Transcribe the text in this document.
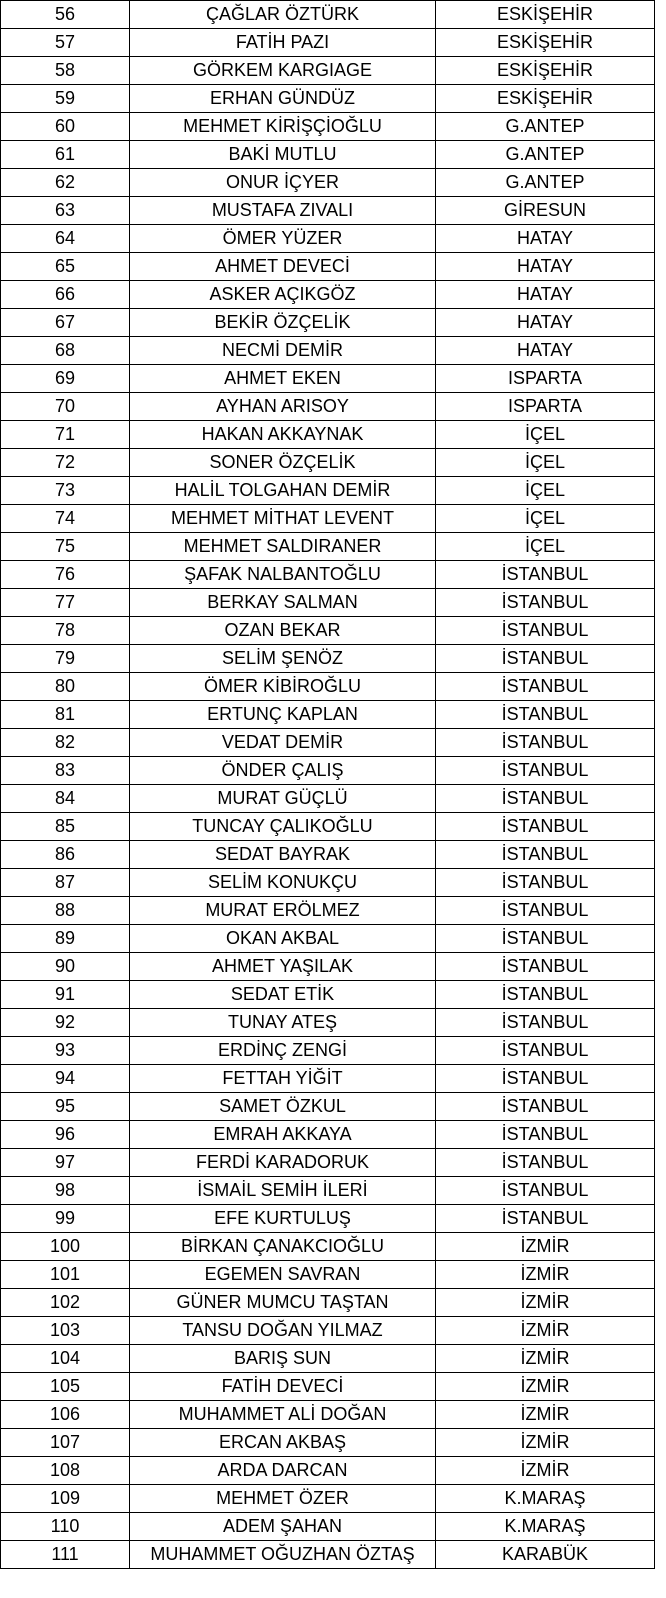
56	ÇAĞLAR ÖZTÜRK	ESKİŞEHİR
57	FATİH PAZI	ESKİŞEHİR
58	GÖRKEM KARGIAGE	ESKİŞEHİR
59	ERHAN GÜNDÜZ	ESKİŞEHİR
60	MEHMET KİRİŞÇİOĞLU	G.ANTEP
61	BAKİ MUTLU	G.ANTEP
62	ONUR İÇYER	G.ANTEP
63	MUSTAFA ZIVALI	GİRESUN
64	ÖMER YÜZER	HATAY
65	AHMET DEVECİ	HATAY
66	ASKER AÇIKGÖZ	HATAY
67	BEKİR ÖZÇELİK	HATAY
68	NECMİ DEMİR	HATAY
69	AHMET EKEN	ISPARTA
70	AYHAN ARISOY	ISPARTA
71	HAKAN AKKAYNAK	İÇEL
72	SONER ÖZÇELİK	İÇEL
73	HALİL TOLGAHAN DEMİR	İÇEL
74	MEHMET MİTHAT LEVENT	İÇEL
75	MEHMET SALDIRANER	İÇEL
76	ŞAFAK NALBANTOĞLU	İSTANBUL
77	BERKAY SALMAN	İSTANBUL
78	OZAN BEKAR	İSTANBUL
79	SELİM ŞENÖZ	İSTANBUL
80	ÖMER KİBİROĞLU	İSTANBUL
81	ERTUNÇ KAPLAN	İSTANBUL
82	VEDAT DEMİR	İSTANBUL
83	ÖNDER ÇALIŞ	İSTANBUL
84	MURAT GÜÇLÜ	İSTANBUL
85	TUNCAY ÇALIKOĞLU	İSTANBUL
86	SEDAT BAYRAK	İSTANBUL
87	SELİM KONUKÇU	İSTANBUL
88	MURAT ERÖLMEZ	İSTANBUL
89	OKAN AKBAL	İSTANBUL
90	AHMET YAŞILAK	İSTANBUL
91	SEDAT ETİK	İSTANBUL
92	TUNAY ATEŞ	İSTANBUL
93	ERDİNÇ ZENGİ	İSTANBUL
94	FETTAH YİĞİT	İSTANBUL
95	SAMET ÖZKUL	İSTANBUL
96	EMRAH AKKAYA	İSTANBUL
97	FERDİ KARADORUK	İSTANBUL
98	İSMAİL SEMİH İLERİ	İSTANBUL
99	EFE KURTULUŞ	İSTANBUL
100	BİRKAN ÇANAKCIOĞLU	İZMİR
101	EGEMEN SAVRAN	İZMİR
102	GÜNER MUMCU TAŞTAN	İZMİR
103	TANSU DOĞAN YILMAZ	İZMİR
104	BARIŞ SUN	İZMİR
105	FATİH DEVECİ	İZMİR
106	MUHAMMET ALİ DOĞAN	İZMİR
107	ERCAN AKBAŞ	İZMİR
108	ARDA DARCAN	İZMİR
109	MEHMET ÖZER	K.MARAŞ
110	ADEM ŞAHAN	K.MARAŞ
111	MUHAMMET OĞUZHAN ÖZTAŞ	KARABÜK
